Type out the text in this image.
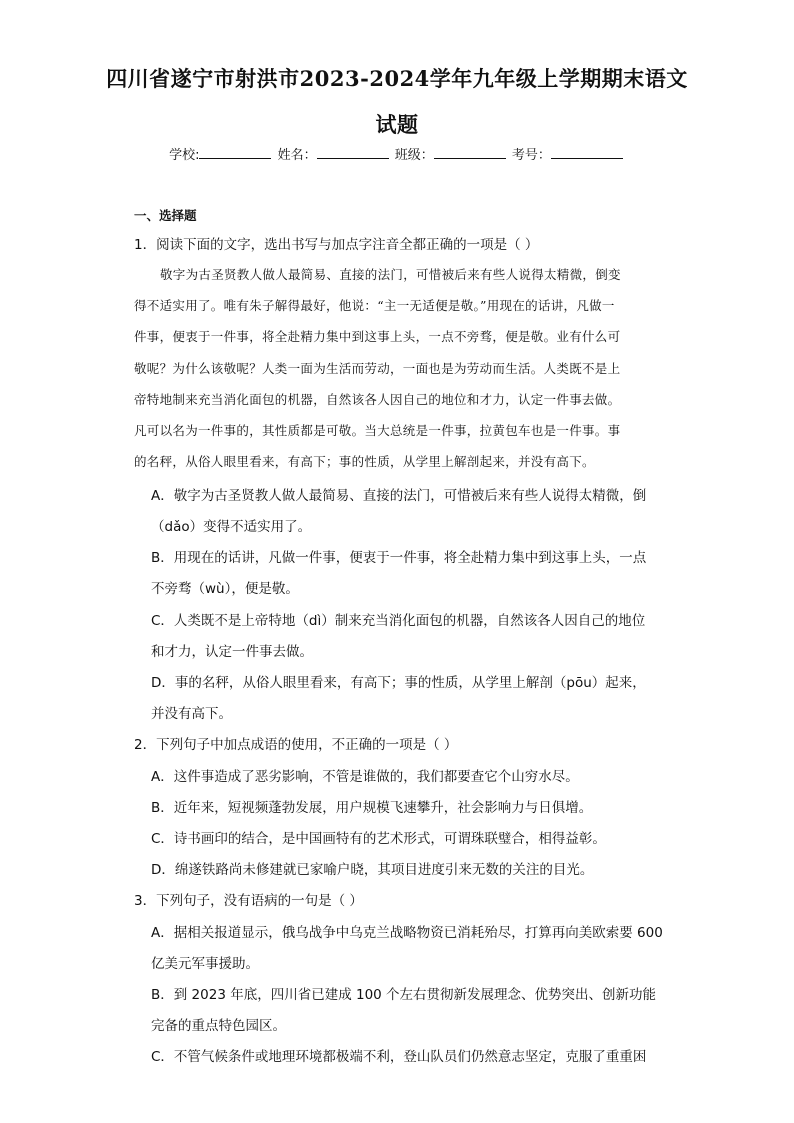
四川省遂宁市射洪市2023-2024学年九年级上学期期末语文
试题
学校:	姓名：	班级：	考号：
一、选择题
1．阅读下面的文字，选出书写与加点字注音全都正确的一项是（ ）
敬字为古圣贤教人做人最简易、直接的法门，可惜被后来有些人说得太精微，倒变
得不适实用了。唯有朱子解得最好，他说：“主一无适便是敬。”用现在的话讲，凡做一
件事，便衷于一件事，将全赴精力集中到这事上头，一点不旁骛，便是敬。业有什么可
敬呢？为什么该敬呢？人类一面为生活而劳动，一面也是为劳动而生活。人类既不是上
帝特地制来充当消化面包的机器，自然该各人因自己的地位和才力，认定一件事去做。
凡可以名为一件事的，其性质都是可敬。当大总统是一件事，拉黄包车也是一件事。事
的名秤，从俗人眼里看来，有高下；事的性质，从学里上解剖起来，并没有高下。
A．敬字为古圣贤教人做人最简易、直接的法门，可惜被后来有些人说得太精微，倒
（dǎo）变得不适实用了。
B．用现在的话讲，凡做一件事，便衷于一件事，将全赴精力集中到这事上头，一点
不旁骛（wù），便是敬。
C．人类既不是上帝特地（dì）制来充当消化面包的机器，自然该各人因自己的地位
和才力，认定一件事去做。
D．事的名秤，从俗人眼里看来，有高下；事的性质，从学里上解剖（pōu）起来，
并没有高下。
2．下列句子中加点成语的使用，不正确的一项是（ ）
A．这件事造成了恶劣影响，不管是谁做的，我们都要查它个山穷水尽。
B．近年来，短视频蓬勃发展，用户规模飞速攀升，社会影响力与日俱增。
C．诗书画印的结合，是中国画特有的艺术形式，可谓珠联璧合，相得益彰。
D．绵遂铁路尚未修建就已家喻户晓，其项目进度引来无数的关注的目光。
3．下列句子，没有语病的一句是（ ）
A．据相关报道显示，俄乌战争中乌克兰战略物资已消耗殆尽，打算再向美欧索要 600
亿美元军事援助。
B．到 2023 年底，四川省已建成 100 个左右贯彻新发展理念、优势突出、创新功能
完备的重点特色园区。
C．不管气候条件或地理环境都极端不利，登山队员们仍然意志坚定，克服了重重困
